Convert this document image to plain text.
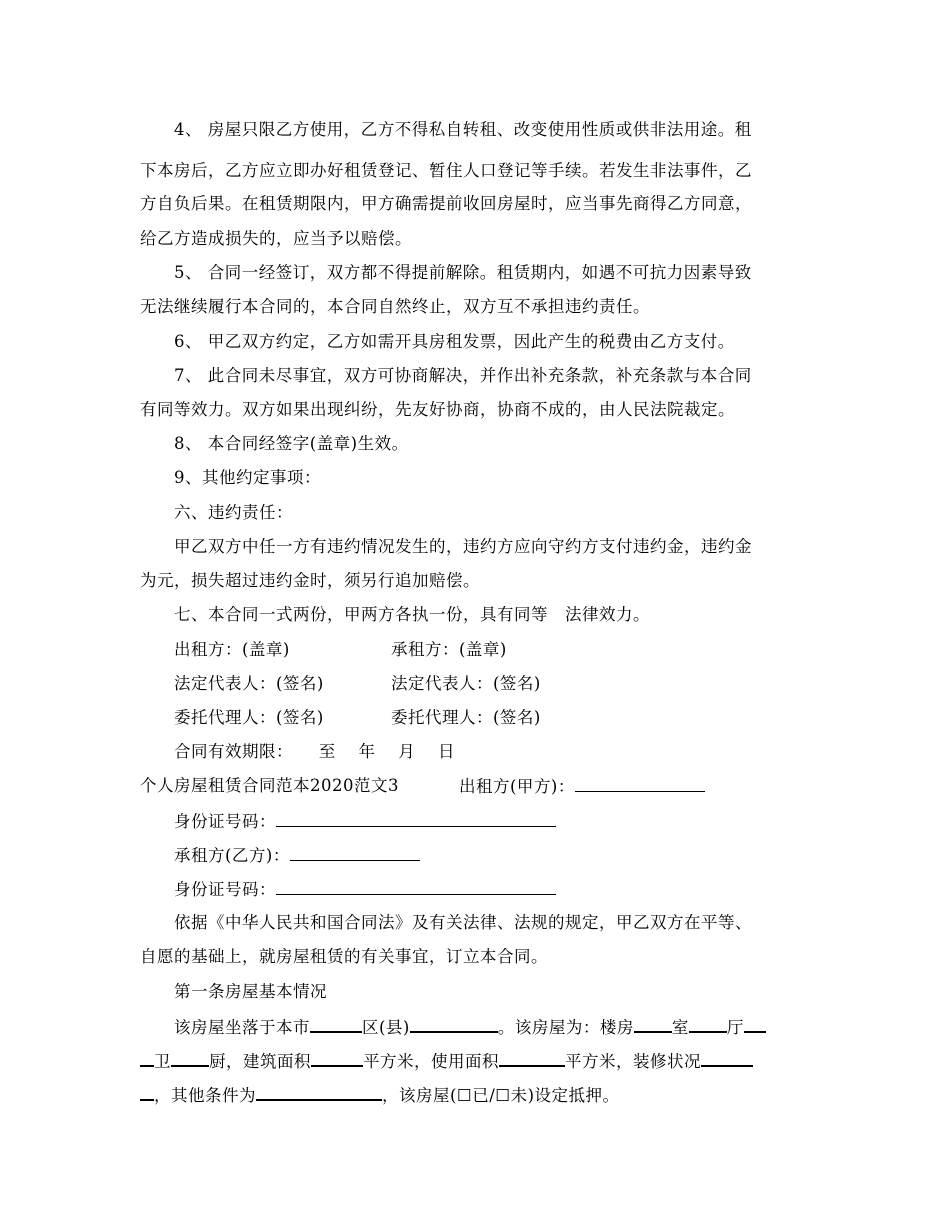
4、 房屋只限乙方使用，乙方不得私自转租、改变使用性质或供非法用途。租
下本房后，乙方应立即办好租赁登记、暂住人口登记等手续。若发生非法事件，乙
方自负后果。在租赁期限内，甲方确需提前收回房屋时，应当事先商得乙方同意，
给乙方造成损失的，应当予以赔偿。
5、 合同一经签订，双方都不得提前解除。租赁期内，如遇不可抗力因素导致
无法继续履行本合同的，本合同自然终止，双方互不承担违约责任。
6、 甲乙双方约定，乙方如需开具房租发票，因此产生的税费由乙方支付。
7、 此合同未尽事宜，双方可协商解决，并作出补充条款，补充条款与本合同
有同等效力。双方如果出现纠纷，先友好协商，协商不成的，由人民法院裁定。
8、 本合同经签字(盖章)生效。
9、其他约定事项：
六、违约责任：
甲乙双方中任一方有违约情况发生的，违约方应向守约方支付违约金，违约金
为元，损失超过违约金时，须另行追加赔偿。
七、本合同一式两份，甲两方各执一份，具有同等　法律效力。
出租方：(盖章)	承租方：(盖章)
法定代表人：(签名)	法定代表人：(签名)
委托代理人：(签名)	委托代理人：(签名)
合同有效期限：　　至　 年　 月　 日
个人房屋租赁合同范本2020范文3	出租方(甲方)：
身份证号码：
承租方(乙方)：
身份证号码：
依据《中华人民共和国合同法》及有关法律、法规的规定，甲乙双方在平等、
自愿的基础上，就房屋租赁的有关事宜，订立本合同。
第一条房屋基本情况
该房屋坐落于本市	区(县)	。该房屋为：楼房 室 厅
卫 厨，建筑面积	平方米，使用面积	平方米，装修状况
，其他条件为	，该房屋(☐已/☐未)设定抵押。
